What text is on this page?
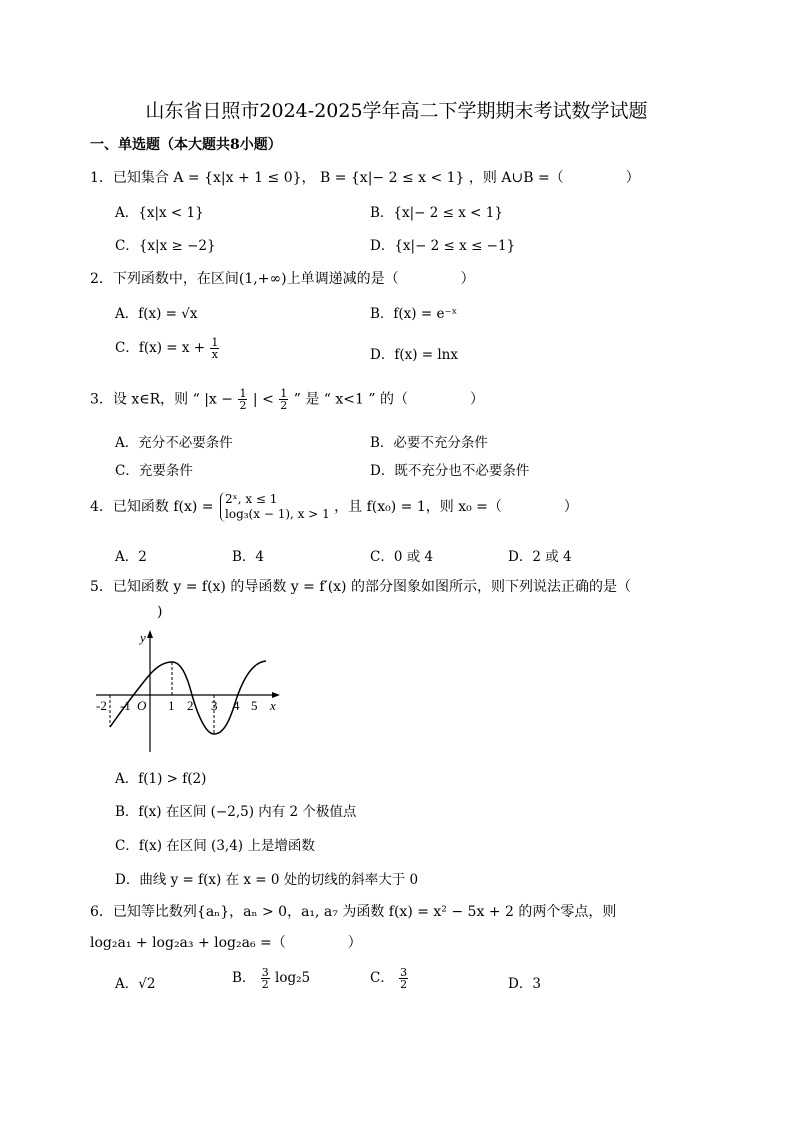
山东省日照市2024-2025学年高二下学期期末考试数学试题
一、单选题（本大题共8小题）
1．已知集合 A = {x|x + 1 ≤ 0}， B = {x|− 2 ≤ x < 1} ，则 A∪B =（	）
A．{x|x < 1}	B．{x|− 2 ≤ x < 1}
C．{x|x ≥ −2}	D．{x|− 2 ≤ x ≤ −1}
2．下列函数中，在区间(1,+∞)上单调递减的是（	）
A．f(x) = √x	B．f(x) = e⁻ˣ
C．$f(x) = x + \frac{1}{x}$	D．f(x) = lnx
3．设 x∈R，则 “ $|x - \frac{1}{2}$ | < $\frac{1}{2}$ ” 是 “ x<1 ” 的（	）
A．充分不必要条件	B．必要不充分条件
C．充要条件	D．既不充分也不必要条件
4．已知函数 f(x) = 2ˣ, x ≤ 1
log₃(x − 1), x > 1 ，且 f(x₀) = 1，则 x₀ =（	）
A．2	B．4	C．0 或 4	D．2 或 4
5．已知函数 y = f(x) 的导函数 y = f′(x) 的部分图象如图所示，则下列说法正确的是（
)
y
x
O
-2 -1	1 2 3 4 5
A．f(1) > f(2)
B．f(x) 在区间 (−2,5) 内有 2 个极值点
C．f(x) 在区间 (3,4) 上是增函数
D．曲线 y = f(x) 在 x = 0 处的切线的斜率大于 0
6．已知等比数列{aₙ}，aₙ > 0，a₁, a₇ 为函数 f(x) = x² − 5x + 2 的两个零点，则
log₂a₁ + log₂a₃ + log₂a₆ =（	）
A．√2	B． $\frac{3}{2} \log_25$	C． $\frac{3}{2}$	D．3
